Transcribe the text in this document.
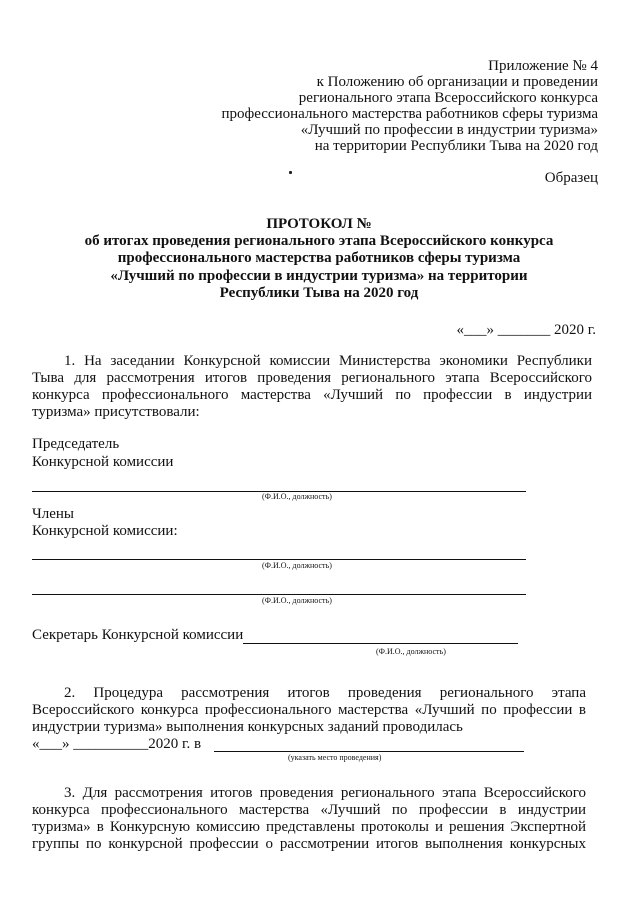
Приложение № 4
к Положению об организации и проведении
регионального этапа Всероссийского конкурса
профессионального мастерства работников сферы туризма
«Лучший по профессии в индустрии туризма»
на территории Республики Тыва на 2020 год
Образец
ПРОТОКОЛ №
об итогах проведения регионального этапа Всероссийского конкурса
профессионального мастерства работников сферы туризма
«Лучший по профессии в индустрии туризма» на территории
Республики Тыва на 2020 год
«___» _______ 2020 г.
1. На заседании Конкурсной комиссии Министерства экономики Республики
Тыва для рассмотрения итогов проведения регионального этапа Всероссийского
конкурса профессионального мастерства «Лучший по профессии в индустрии
туризма» присутствовали:
Председатель
Конкурсной комиссии
(Ф.И.О., должность)
Члены
Конкурсной комиссии:
(Ф.И.О., должность)
(Ф.И.О., должность)
Секретарь Конкурсной комиссии
(Ф.И.О., должность)
2. Процедура рассмотрения итогов проведения регионального этапа
Всероссийского конкурса профессионального мастерства «Лучший по профессии в
индустрии туризма» выполнения конкурсных заданий проводилась
«___» __________2020 г. в
(указать место проведения)
3. Для рассмотрения итогов проведения регионального этапа Всероссийского
конкурса профессионального мастерства «Лучший по профессии в индустрии
туризма» в Конкурсную комиссию представлены протоколы и решения Экспертной
группы по конкурсной профессии о рассмотрении итогов выполнения конкурсных
